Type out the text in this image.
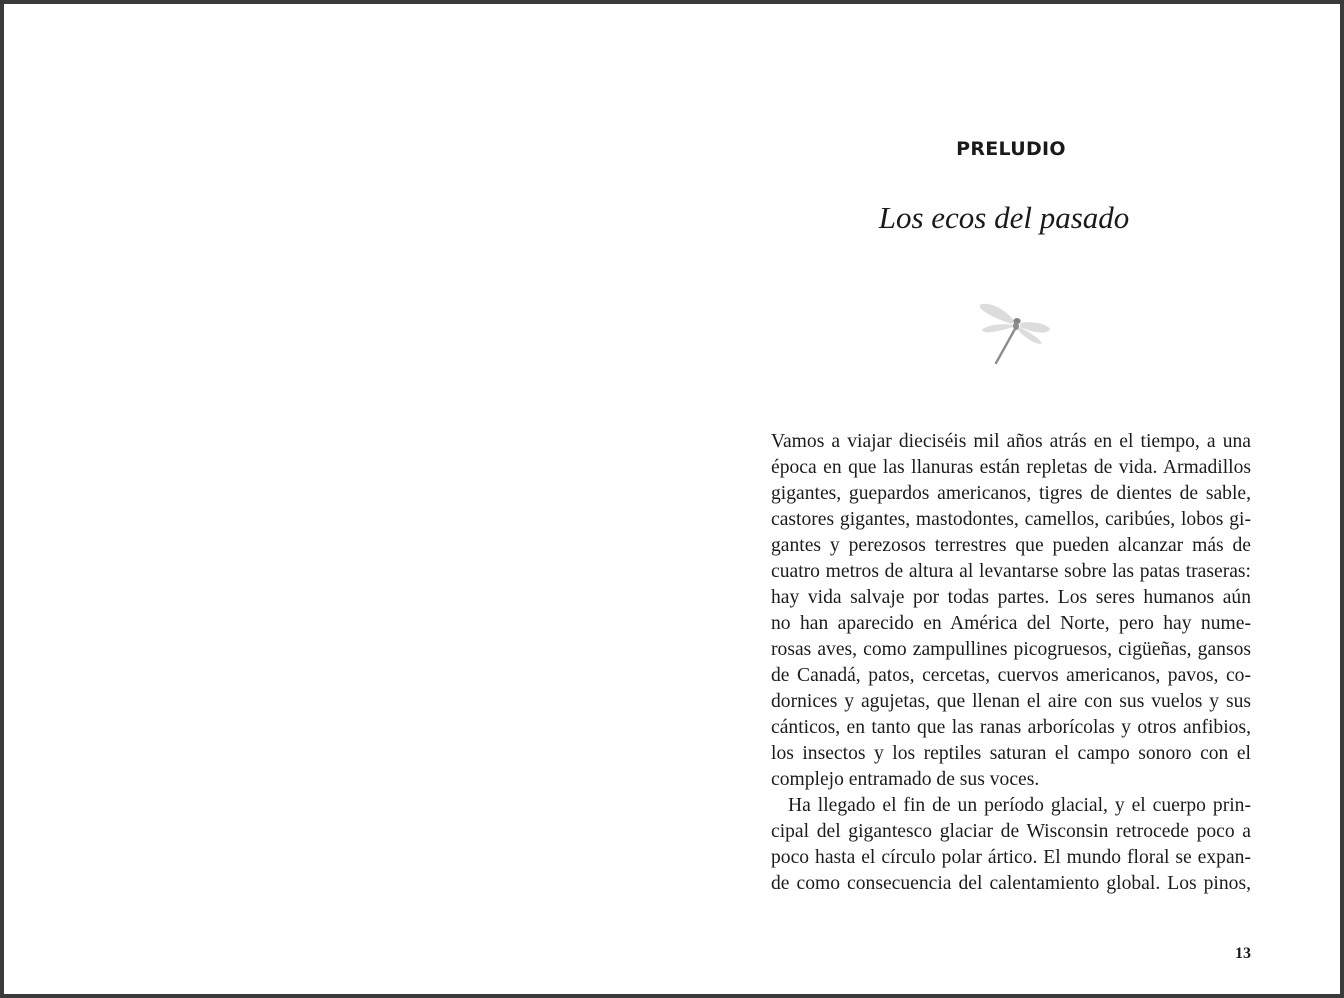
PRELUDIO
Los ecos del pasado
Vamos a viajar dieciséis mil años atrás en el tiempo, a una
época en que las llanuras están repletas de vida. Armadillos
gigantes, guepardos americanos, tigres de dientes de sable,
castores gigantes, mastodontes, camellos, caribúes, lobos gi-
gantes y perezosos terrestres que pueden alcanzar más de
cuatro metros de altura al levantarse sobre las patas traseras:
hay vida salvaje por todas partes. Los seres humanos aún
no han aparecido en América del Norte, pero hay nume-
rosas aves, como zampullines picogruesos, cigüeñas, gansos
de Canadá, patos, cercetas, cuervos americanos, pavos, co-
dornices y agujetas, que llenan el aire con sus vuelos y sus
cánticos, en tanto que las ranas arborícolas y otros anfibios,
los insectos y los reptiles saturan el campo sonoro con el
complejo entramado de sus voces.
Ha llegado el fin de un período glacial, y el cuerpo prin-
cipal del gigantesco glaciar de Wisconsin retrocede poco a
poco hasta el círculo polar ártico. El mundo floral se expan-
de como consecuencia del calentamiento global. Los pinos,
13
